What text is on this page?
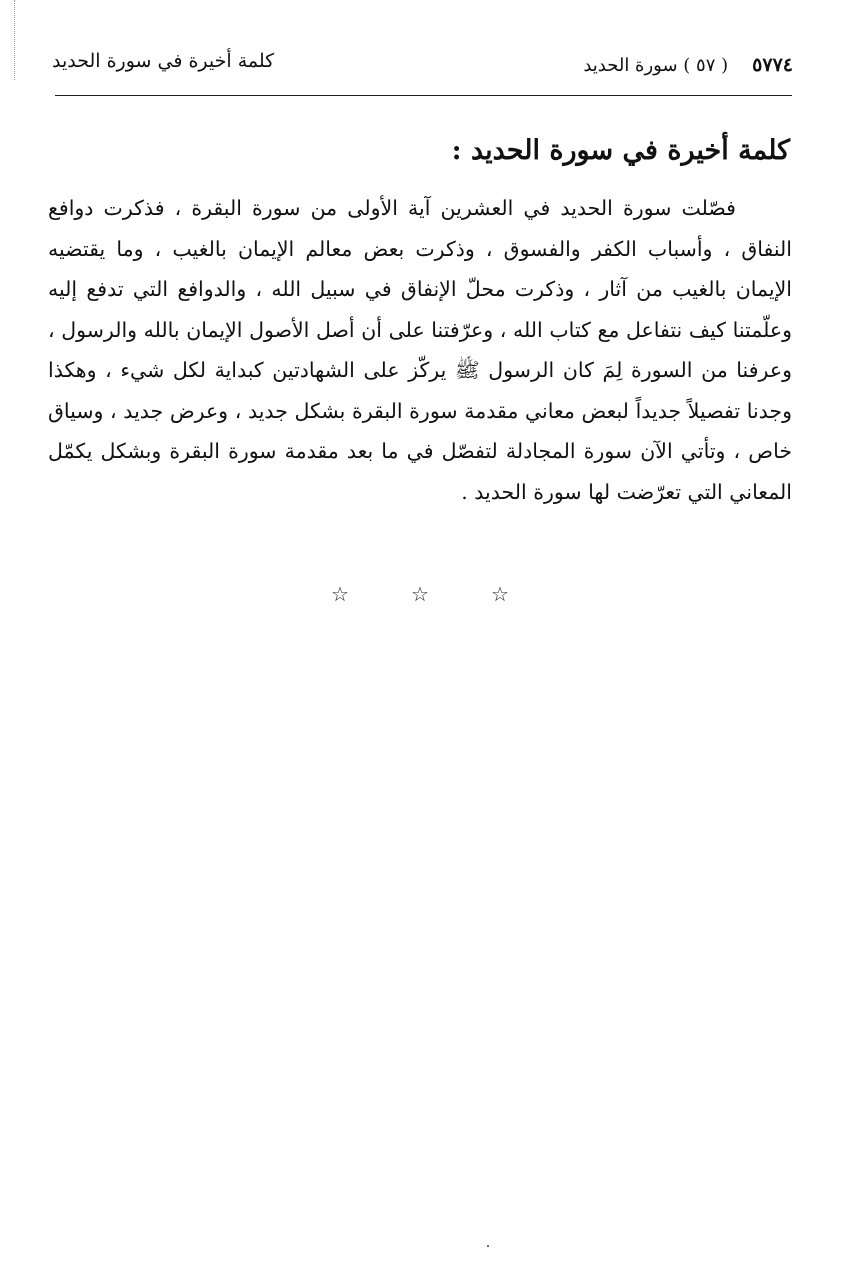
٥٧٧٤ ( ٥٧ ) سورة الحديد
كلمة أخيرة في سورة الحديد
كلمة أخيرة في سورة الحديد :

فصّلت سورة الحديد في العشرين آية الأولى من سورة البقرة ، فذكرت دوافع النفاق ، وأسباب الكفر والفسوق ، وذكرت بعض معالم الإيمان بالغيب ، وما يقتضيه الإيمان بالغيب من آثار ، وذكرت محلّ الإنفاق في سبيل الله ، والدوافع التي تدفع إليه وعلّمتنا كيف نتفاعل مع كتاب الله ، وعرّفتنا على أن أصل الأصول الإيمان بالله والرسول ، وعرفنا من السورة لِمَ كان الرسول ﷺ يركّز على الشهادتين كبداية لكل شيء ، وهكذا وجدنا تفصيلاً جديداً لبعض معاني مقدمة سورة البقرة بشكل جديد ، وعرض جديد ، وسياق خاص ، وتأتي الآن سورة المجادلة لتفصّل في ما بعد مقدمة سورة البقرة وبشكل يكمّل المعاني التي تعرّضت لها سورة الحديد .

☆
☆
☆
